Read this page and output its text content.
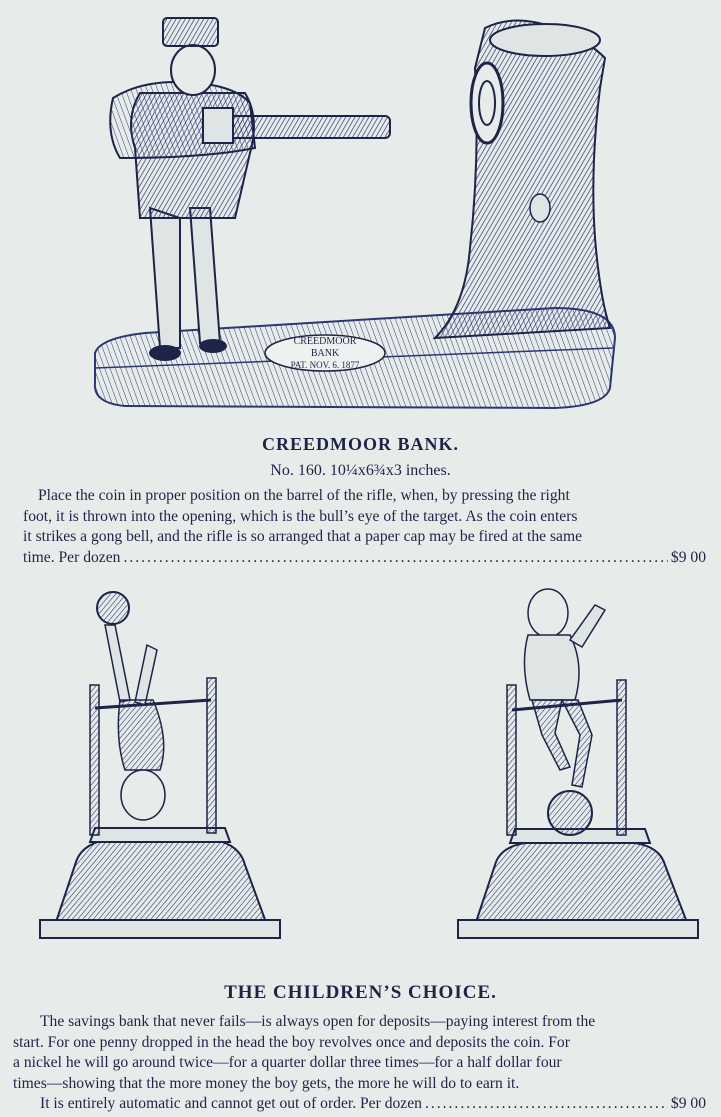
CREEDMOOR
BANK
PAT. NOV. 6. 1877
CREEDMOOR BANK.
No. 160. 10¼x6¾x3 inches.
Place the coin in proper position on the barrel of the rifle, when, by pressing the right
foot, it is thrown into the opening, which is the bull’s eye of the target. As the coin enters
it strikes a gong bell, and the rifle is so arranged that a paper cap may be fired at the same
time. Per dozen .....	$9 00
THE CHILDREN’S CHOICE.
The savings bank that never fails—is always open for deposits—paying interest from the
start. For one penny dropped in the head the boy revolves once and deposits the coin. For
a nickel he will go around twice—for a quarter dollar three times—for a half dollar four
times—showing that the more money the boy gets, the more he will do to earn it.
It is entirely automatic and cannot get out of order. Per dozen .....	$9 00
